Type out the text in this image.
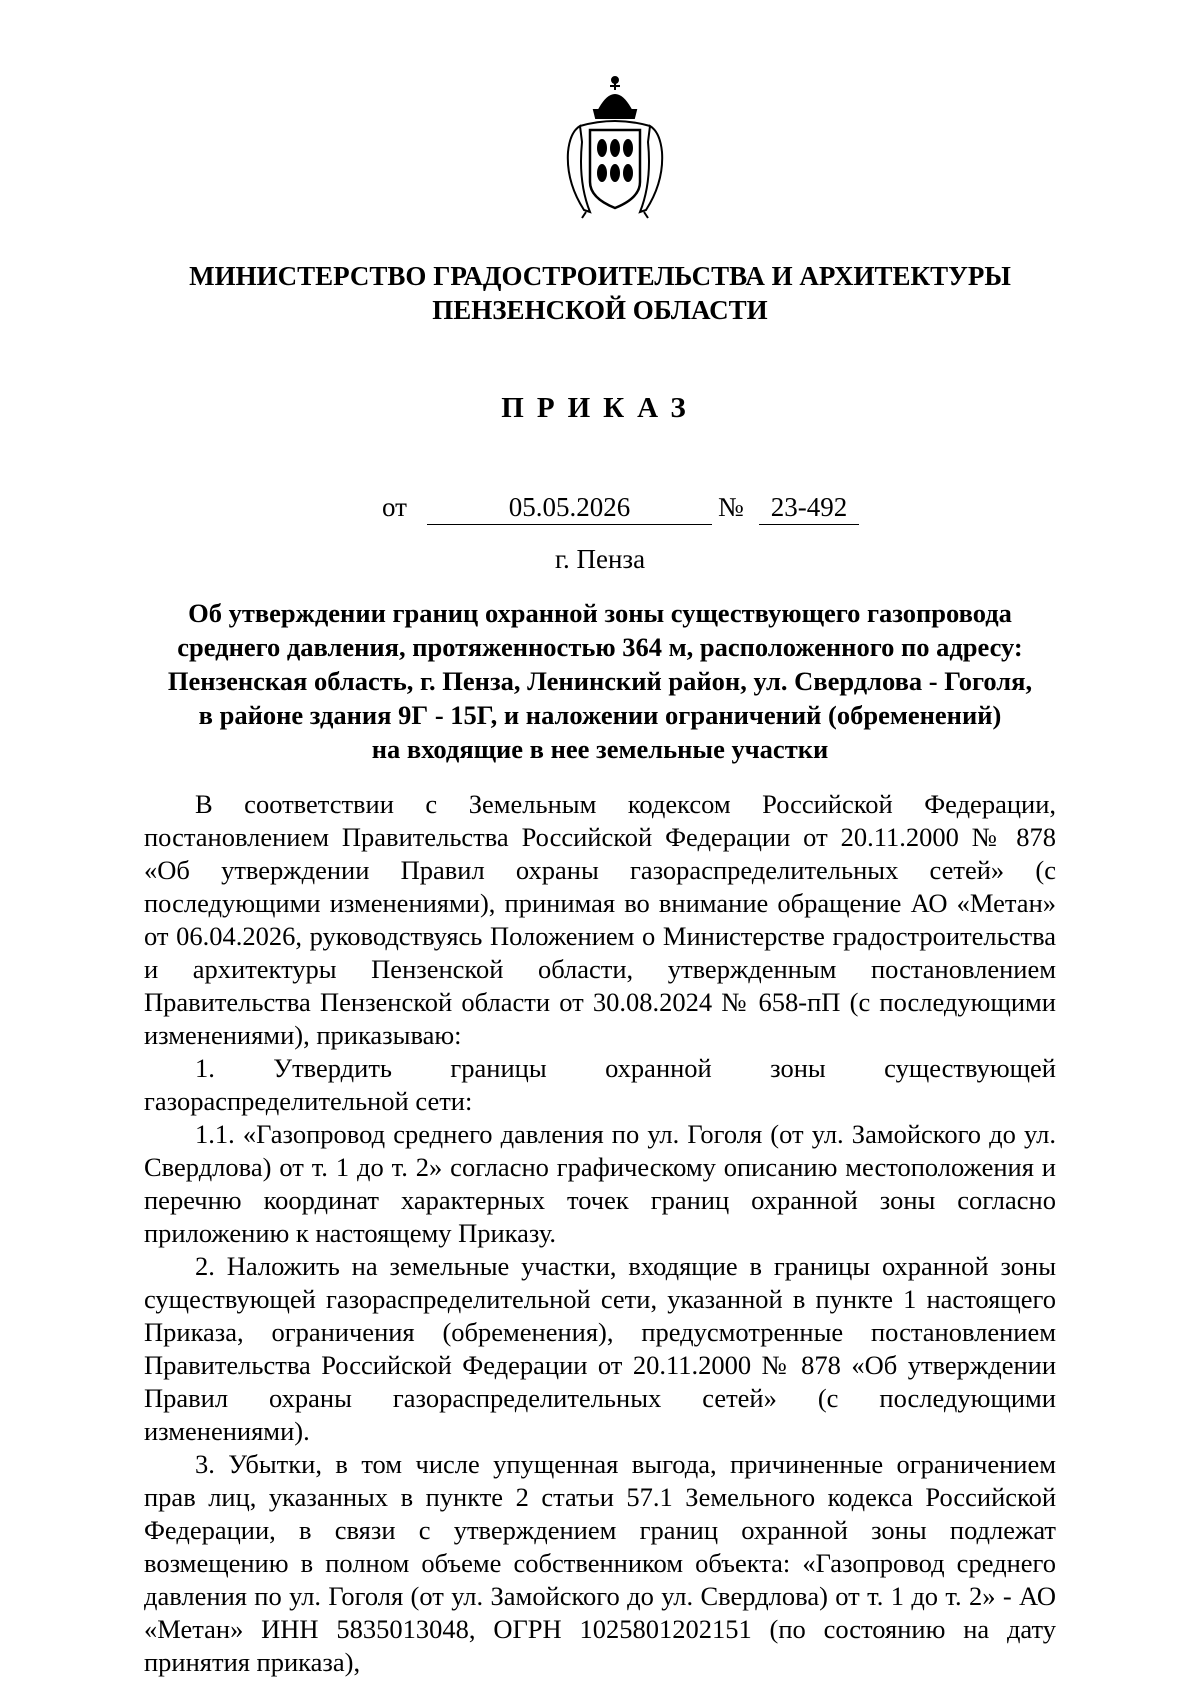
МИНИСТЕРСТВО ГРАДОСТРОИТЕЛЬСТВА И АРХИТЕКТУРЫ
ПЕНЗЕНСКОЙ ОБЛАСТИ
ПРИКАЗ
от	05.05.2026	№ 23-492
г. Пенза
Об утверждении границ охранной зоны существующего газопровода
среднего давления, протяженностью 364 м, расположенного по адресу:
Пензенская область, г. Пенза, Ленинский район, ул. Свердлова - Гоголя,
в районе здания 9Г - 15Г, и наложении ограничений (обременений)
на входящие в нее земельные участки

В соответствии с Земельным кодексом Российской Федерации, постановлением Правительства Российской Федерации от 20.11.2000 № 878 «Об утверждении Правил охраны газораспределительных сетей» (с последующими изменениями), принимая во внимание обращение АО «Метан» от 06.04.2026, руководствуясь Положением о Министерстве градостроительства и архитектуры Пензенской области, утвержденным постановлением Правительства Пензенской области от 30.08.2024 № 658-пП (с последующими изменениями), приказываю:

1. Утвердить границы охранной зоны существующей газораспределительной сети:

1.1. «Газопровод среднего давления по ул. Гоголя (от ул. Замойского до ул. Свердлова) от т. 1 до т. 2» согласно графическому описанию местоположения и перечню координат характерных точек границ охранной зоны согласно приложению к настоящему Приказу.

2. Наложить на земельные участки, входящие в границы охранной зоны существующей газораспределительной сети, указанной в пункте 1 настоящего Приказа, ограничения (обременения), предусмотренные постановлением Правительства Российской Федерации от 20.11.2000 № 878 «Об утверждении Правил охраны газораспределительных сетей» (с последующими изменениями).

3. Убытки, в том числе упущенная выгода, причиненные ограничением прав лиц, указанных в пункте 2 статьи 57.1 Земельного кодекса Российской Федерации, в связи с утверждением границ охранной зоны подлежат возмещению в полном объеме собственником объекта: «Газопровод среднего давления по ул. Гоголя (от ул. Замойского до ул. Свердлова) от т. 1 до т. 2» - АО «Метан» ИНН 5835013048, ОГРН 1025801202151 (по состоянию на дату принятия приказа),
